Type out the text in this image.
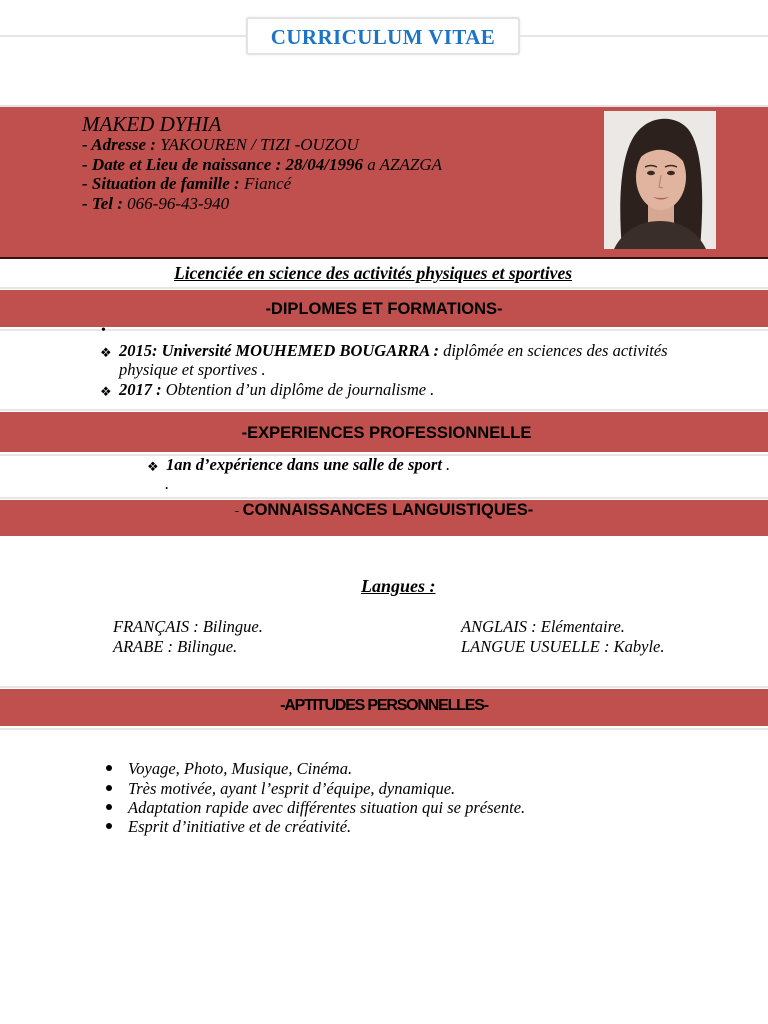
CURRICULUM VITAE
MAKED DYHIA
- Adresse : YAKOUREN / TIZI -OUZOU
- Date et Lieu de naissance : 28/04/1996 a AZAZGA
- Situation de famille : Fiancé
- Tel : 066-96-43-940
Licenciée en science des activités physiques et sportives
-DIPLOMES ET FORMATIONS-
•
❖ 2015: Université MOUHEMED BOUGARRA : diplômée en sciences des activités
physique et sportives .
❖ 2017 : Obtention d’un diplôme de journalisme .
-EXPERIENCES PROFESSIONNELLE
❖ 1an d’expérience dans une salle de sport .
.
- CONNAISSANCES LANGUISTIQUES-
Langues :
FRANÇAIS : Bilingue.
ARABE : Bilingue.
ANGLAIS : Elémentaire.
LANGUE USUELLE : Kabyle.
-APTITUDES PERSONNELLES-
Voyage, Photo, Musique, Cinéma.
Très motivée, ayant l’esprit d’équipe, dynamique.
Adaptation rapide avec différentes situation qui se présente.
Esprit d’initiative et de créativité.
